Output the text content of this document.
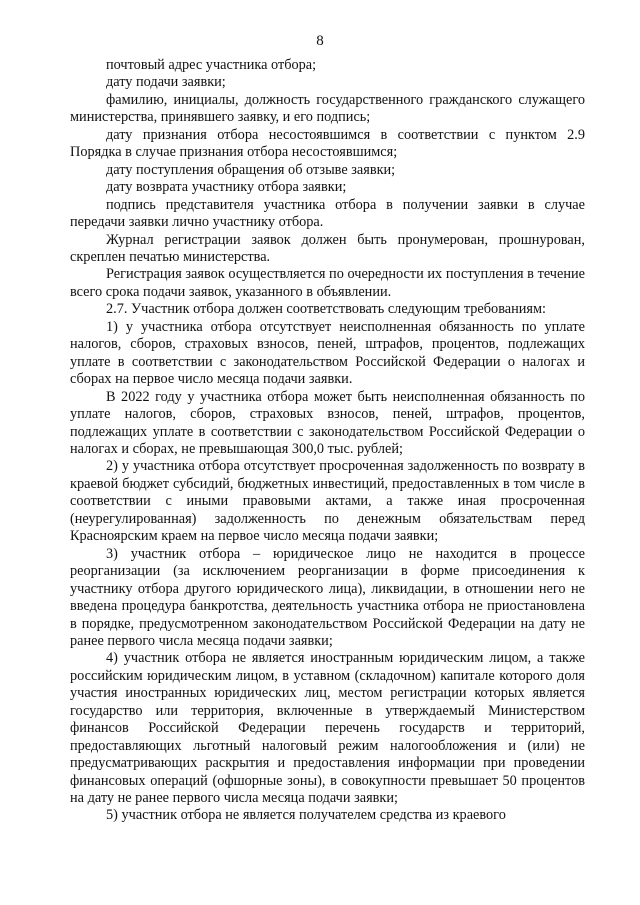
8

почтовый адрес участника отбора;

дату подачи заявки;

фамилию, инициалы, должность государственного гражданского служащего министерства, принявшего заявку, и его подпись;

дату признания отбора несостоявшимся в соответствии с пунктом 2.9 Порядка в случае признания отбора несостоявшимся;

дату поступления обращения об отзыве заявки;

дату возврата участнику отбора заявки;

подпись представителя участника отбора в получении заявки в случае передачи заявки лично участнику отбора.

Журнал регистрации заявок должен быть пронумерован, прошнурован, скреплен печатью министерства.

Регистрация заявок осуществляется по очередности их поступления в течение всего срока подачи заявок, указанного в объявлении.

2.7. Участник отбора должен соответствовать следующим требованиям:

1) у участника отбора отсутствует неисполненная обязанность по уплате налогов, сборов, страховых взносов, пеней, штрафов, процентов, подлежащих уплате в соответствии с законодательством Российской Федерации о налогах и сборах на первое число месяца подачи заявки.

В 2022 году у участника отбора может быть неисполненная обязанность по уплате налогов, сборов, страховых взносов, пеней, штрафов, процентов, подлежащих уплате в соответствии с законодательством Российской Федерации о налогах и сборах, не превышающая 300,0 тыс. рублей;

2) у участника отбора отсутствует просроченная задолженность по возврату в краевой бюджет субсидий, бюджетных инвестиций, предоставленных в том числе в соответствии с иными правовыми актами, а также иная просроченная (неурегулированная) задолженность по денежным обязательствам перед Красноярским краем на первое число месяца подачи заявки;

3) участник отбора – юридическое лицо не находится в процессе реорганизации (за исключением реорганизации в форме присоединения к участнику отбора другого юридического лица), ликвидации, в отношении него не введена процедура банкротства, деятельность участника отбора не приостановлена в порядке, предусмотренном законодательством Российской Федерации на дату не ранее первого числа месяца подачи заявки;

4) участник отбора не является иностранным юридическим лицом, а также российским юридическим лицом, в уставном (складочном) капитале которого доля участия иностранных юридических лиц, местом регистрации которых является государство или территория, включенные в утверждаемый Министерством финансов Российской Федерации перечень государств и территорий, предоставляющих льготный налоговый режим налогообложения и (или) не предусматривающих раскрытия и предоставления информации при проведении финансовых операций (офшорные зоны), в совокупности превышает 50 процентов на дату не ранее первого числа месяца подачи заявки;

5) участник отбора не является получателем средства из краевого
